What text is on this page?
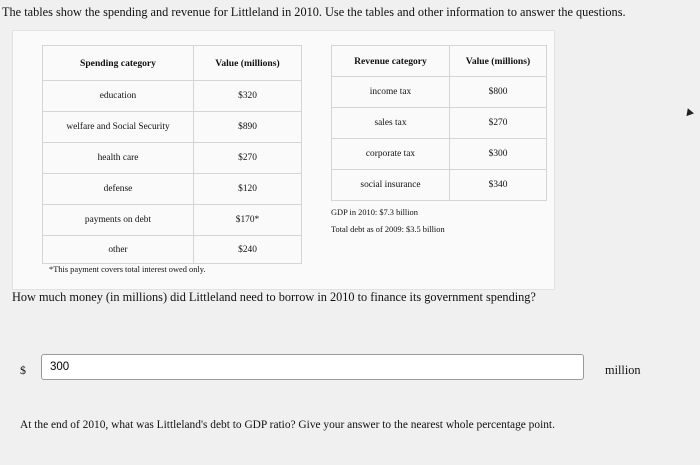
The tables show the spending and revenue for Littleland in 2010. Use the tables and other information to answer the questions.
Spending category	Value (millions)
education	$320
welfare and Social Security	$890
health care	$270
defense	$120
payments on debt	$170*
other	$240
*This payment covers total interest owed only.
Revenue category	Value (millions)
income tax	$800
sales tax	$270
corporate tax	$300
social insurance	$340
GDP in 2010: $7.3 billion
Total debt as of 2009: $3.5 billion
How much money (in millions) did Littleland need to borrow in 2010 to finance its government spending?
$
300	million
At the end of 2010, what was Littleland's debt to GDP ratio? Give your answer to the nearest whole percentage point.
